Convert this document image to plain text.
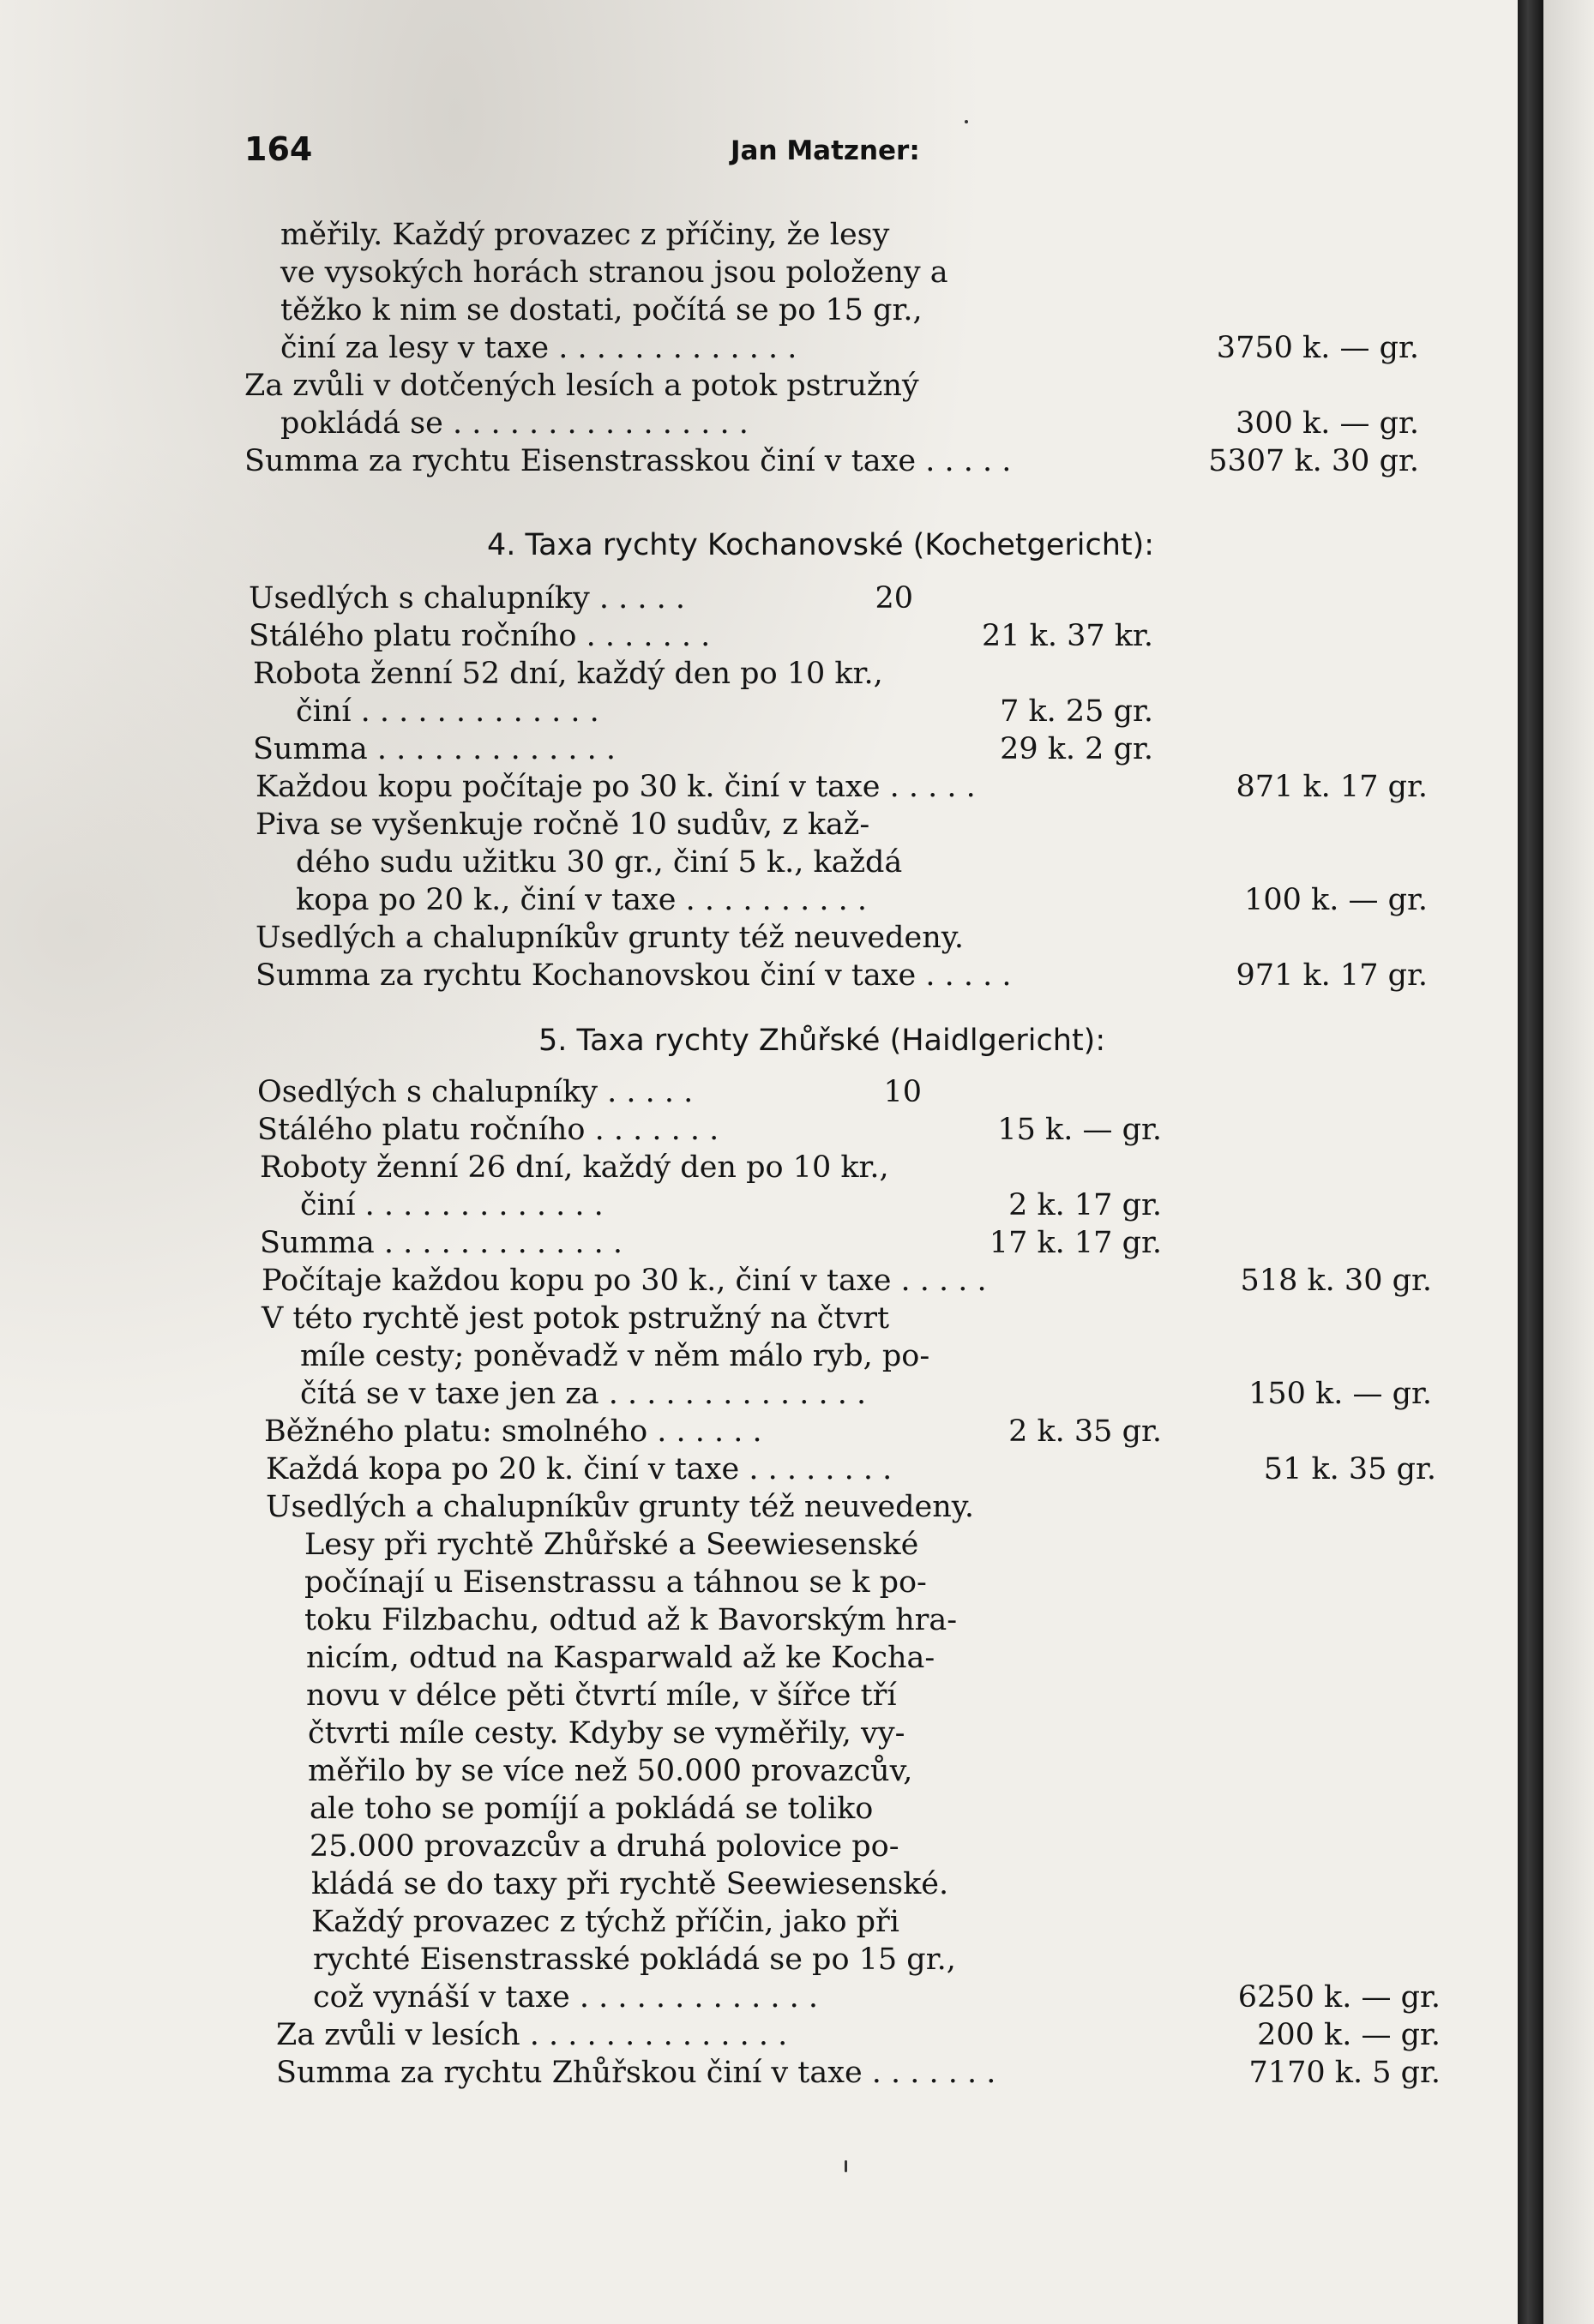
164	Jan Matzner:
měřily. Každý provazec z příčiny, že lesy
ve vysokých horách stranou jsou položeny a
těžko k nim se dostati, počítá se po 15 gr.,
činí za lesy v taxe . . . . . . . . . . . . .	3750 k. — gr.
Za zvůli v dotčených lesích a potok pstružný
pokládá se . . . . . . . . . . . . . . . .	300 k. — gr.
Summa za rychtu Eisenstrasskou činí v taxe . . . . .	5307 k. 30 gr.
4. Taxa rychty Kochanovské (Kochetgericht):
Usedlých s chalupníky . . . . .	20
Stálého platu ročního . . . . . . .	21 k. 37 kr.
Robota ženní 52 dní, každý den po 10 kr.,
činí . . . . . . . . . . . . .	7 k. 25 gr.
Summa . . . . . . . . . . . . .	29 k. 2 gr.
Každou kopu počítaje po 30 k. činí v taxe . . . . .	871 k. 17 gr.
Piva se vyšenkuje ročně 10 sudův, z kaž-
dého sudu užitku 30 gr., činí 5 k., každá
kopa po 20 k., činí v taxe . . . . . . . . . .	100 k. — gr.
Usedlých a chalupníkův grunty též neuvedeny.
Summa za rychtu Kochanovskou činí v taxe . . . . .	971 k. 17 gr.
5. Taxa rychty Zhůřské (Haidlgericht):
Osedlých s chalupníky . . . . .	10
Stálého platu ročního . . . . . . .	15 k. — gr.
Roboty ženní 26 dní, každý den po 10 kr.,
činí . . . . . . . . . . . . .	2 k. 17 gr.
Summa . . . . . . . . . . . . .	17 k. 17 gr.
Počítaje každou kopu po 30 k., činí v taxe . . . . .	518 k. 30 gr.
V této rychtě jest potok pstružný na čtvrt
míle cesty; poněvadž v něm málo ryb, po-
čítá se v taxe jen za . . . . . . . . . . . . . .	150 k. — gr.
Běžného platu: smolného . . . . . .	2 k. 35 gr.
Každá kopa po 20 k. činí v taxe . . . . . . . .	51 k. 35 gr.
Usedlých a chalupníkův grunty též neuvedeny.
Lesy při rychtě Zhůřské a Seewiesenské
počínají u Eisenstrassu a táhnou se k po-
toku Filzbachu, odtud až k Bavorským hra-
nicím, odtud na Kasparwald až ke Kocha-
novu v délce pěti čtvrtí míle, v šířce tří
čtvrti míle cesty. Kdyby se vyměřily, vy-
měřilo by se více než 50.000 provazcův,
ale toho se pomíjí a pokládá se toliko
25.000 provazcův a druhá polovice po-
kládá se do taxy při rychtě Seewiesenské.
Každý provazec z týchž příčin, jako při
rychté Eisenstrasské pokládá se po 15 gr.,
což vynáší v taxe . . . . . . . . . . . . .	6250 k. — gr.
Za zvůli v lesích . . . . . . . . . . . . . .	200 k. — gr.
Summa za rychtu Zhůřskou činí v taxe . . . . . . .	7170 k. 5 gr.
